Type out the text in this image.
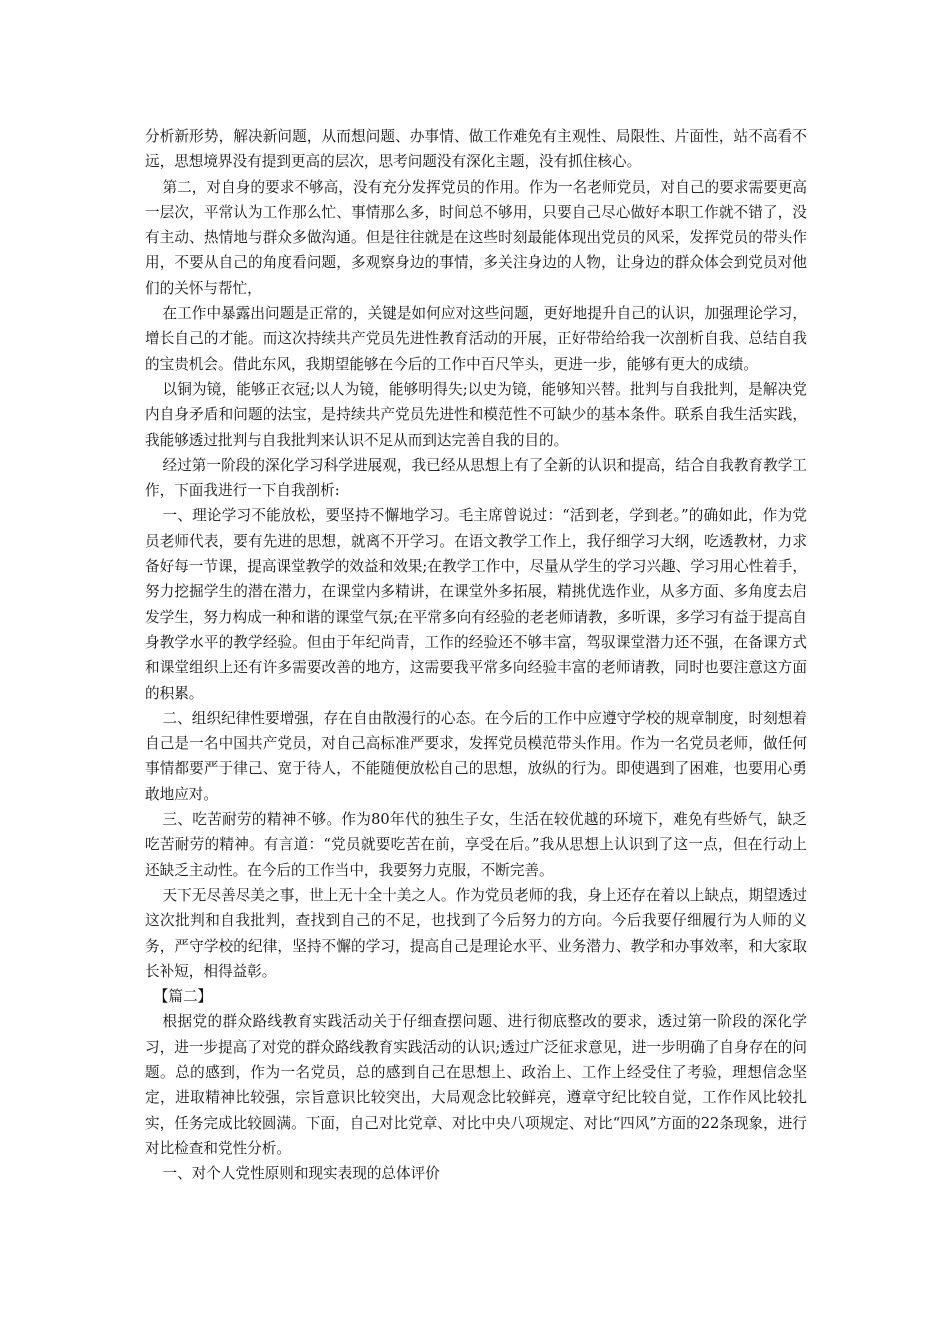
分析新形势，解决新问题，从而想问题、办事情、做工作难免有主观性、局限性、片面性，站不高看不远，思想境界没有提到更高的层次，思考问题没有深化主题，没有抓住核心。

第二，对自身的要求不够高，没有充分发挥党员的作用。作为一名老师党员，对自己的要求需要更高一层次，平常认为工作那么忙、事情那么多，时间总不够用，只要自己尽心做好本职工作就不错了，没有主动、热情地与群众多做沟通。但是往往就是在这些时刻最能体现出党员的风采，发挥党员的带头作用，不要从自己的角度看问题，多观察身边的事情，多关注身边的人物，让身边的群众体会到党员对他们的关怀与帮忙，

在工作中暴露出问题是正常的，关键是如何应对这些问题，更好地提升自己的认识，加强理论学习，增长自己的才能。而这次持续共产党员先进性教育活动的开展，正好带给给我一次剖析自我、总结自我的宝贵机会。借此东风，我期望能够在今后的工作中百尺竿头，更进一步，能够有更大的成绩。

以铜为镜，能够正衣冠;以人为镜，能够明得失;以史为镜，能够知兴替。批判与自我批判，是解决党内自身矛盾和问题的法宝，是持续共产党员先进性和模范性不可缺少的基本条件。联系自我生活实践，我能够透过批判与自我批判来认识不足从而到达完善自我的目的。

经过第一阶段的深化学习科学进展观，我已经从思想上有了全新的认识和提高，结合自我教育教学工作，下面我进行一下自我剖析:

一、理论学习不能放松，要坚持不懈地学习。毛主席曾说过：“活到老，学到老。”的确如此，作为党员老师代表，要有先进的思想，就离不开学习。在语文教学工作上，我仔细学习大纲，吃透教材，力求备好每一节课，提高课堂教学的效益和效果;在教学工作中，尽量从学生的学习兴趣、学习用心性着手，努力挖掘学生的潜在潜力，在课堂内多精讲，在课堂外多拓展，精挑优选作业，从多方面、多角度去启发学生，努力构成一种和谐的课堂气氛;在平常多向有经验的老老师请教，多听课，多学习有益于提高自身教学水平的教学经验。但由于年纪尚青，工作的经验还不够丰富，驾驭课堂潜力还不强，在备课方式和课堂组织上还有许多需要改善的地方，这需要我平常多向经验丰富的老师请教，同时也要注意这方面的积累。

二、组织纪律性要增强，存在自由散漫行的心态。在今后的工作中应遵守学校的规章制度，时刻想着自己是一名中国共产党员，对自己高标准严要求，发挥党员模范带头作用。作为一名党员老师，做任何事情都要严于律己、宽于待人，不能随便放松自己的思想，放纵的行为。即使遇到了困难，也要用心勇敢地应对。

三、吃苦耐劳的精神不够。作为80年代的独生子女，生活在较优越的环境下，难免有些娇气，缺乏吃苦耐劳的精神。有言道：“党员就要吃苦在前，享受在后。”我从思想上认识到了这一点，但在行动上还缺乏主动性。在今后的工作当中，我要努力克服，不断完善。

天下无尽善尽美之事，世上无十全十美之人。作为党员老师的我，身上还存在着以上缺点，期望透过这次批判和自我批判，查找到自己的不足，也找到了今后努力的方向。今后我要仔细履行为人师的义务，严守学校的纪律，坚持不懈的学习，提高自己是理论水平、业务潜力、教学和办事效率，和大家取长补短，相得益彰。

【篇二】

根据党的群众路线教育实践活动关于仔细查摆问题、进行彻底整改的要求，透过第一阶段的深化学习，进一步提高了对党的群众路线教育实践活动的认识;透过广泛征求意见，进一步明确了自身存在的问题。总的感到，作为一名党员，总的感到自己在思想上、政治上、工作上经受住了考验，理想信念坚定，进取精神比较强，宗旨意识比较突出，大局观念比较鲜亮，遵章守纪比较自觉，工作作风比较扎实，任务完成比较圆满。下面，自己对比党章、对比中央八项规定、对比“四风”方面的22条现象，进行对比检查和党性分析。

一、对个人党性原则和现实表现的总体评价
